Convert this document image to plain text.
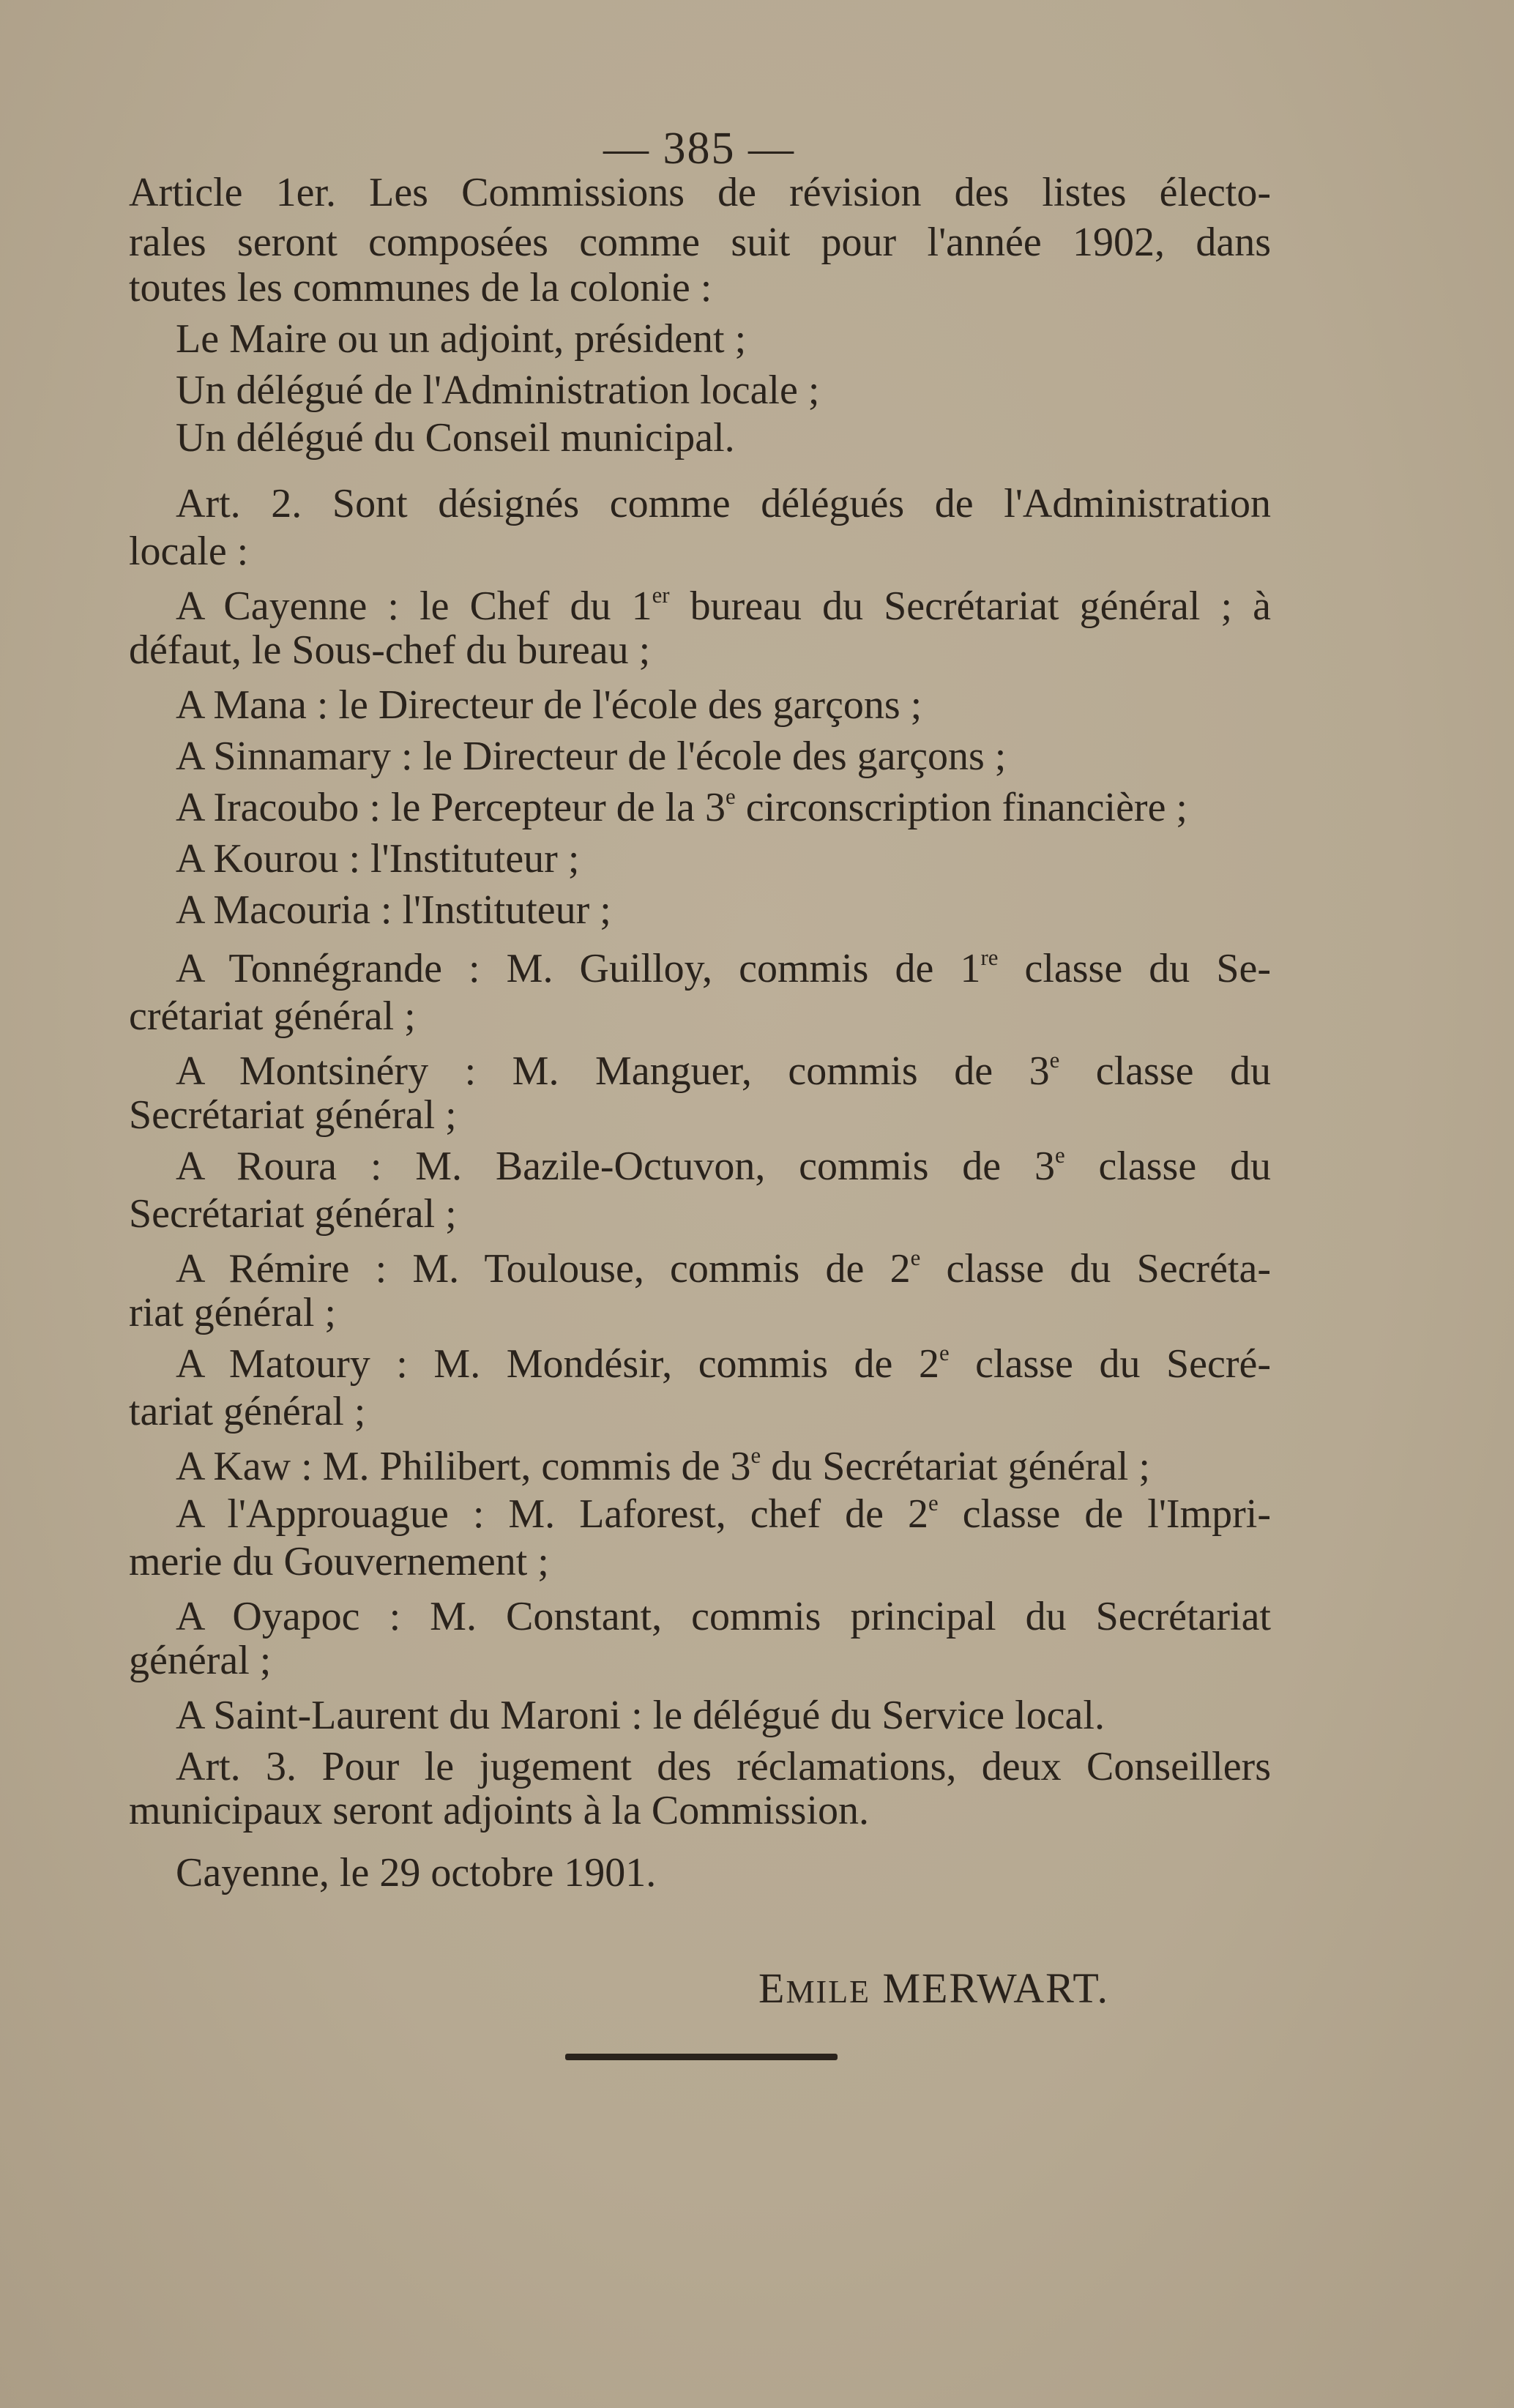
— 385 —
Article 1er. Les Commissions de révision des listes électo-
rales seront composées comme suit pour l'année 1902, dans
toutes les communes de la colonie :
Le Maire ou un adjoint, président ;
Un délégué de l'Administration locale ;
Un délégué du Conseil municipal.
Art. 2. Sont désignés comme délégués de l'Administration
locale :
A Cayenne : le Chef du 1er bureau du Secrétariat général ; à
défaut, le Sous-chef du bureau ;
A Mana : le Directeur de l'école des garçons ;
A Sinnamary : le Directeur de l'école des garçons ;
A Iracoubo : le Percepteur de la 3e circonscription financière ;
A Kourou : l'Instituteur ;
A Macouria : l'Instituteur ;
A Tonnégrande : M. Guilloy, commis de 1re classe du Se-
crétariat général ;
A Montsinéry : M. Manguer, commis de 3e classe du
Secrétariat général ;
A Roura : M. Bazile-Octuvon, commis de 3e classe du
Secrétariat général ;
A Rémire : M. Toulouse, commis de 2e classe du Secréta-
riat général ;
A Matoury : M. Mondésir, commis de 2e classe du Secré-
tariat général ;
A Kaw : M. Philibert, commis de 3e du Secrétariat général ;
A l'Approuague : M. Laforest, chef de 2e classe de l'Impri-
merie du Gouvernement ;
A Oyapoc : M. Constant, commis principal du Secrétariat
général ;
A Saint-Laurent du Maroni : le délégué du Service local.
Art. 3. Pour le jugement des réclamations, deux Conseillers
municipaux seront adjoints à la Commission.
Cayenne, le 29 octobre 1901.
EMILE MERWART.
